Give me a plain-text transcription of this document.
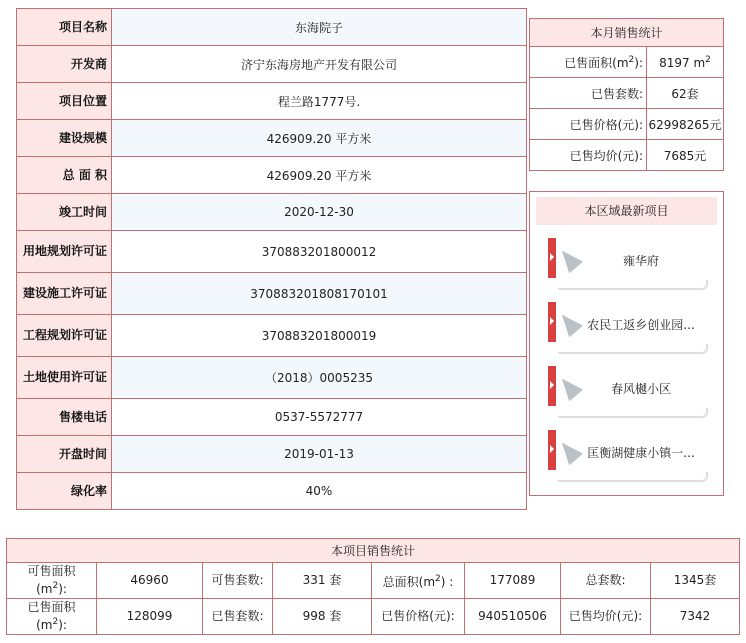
项目名称	东海院子
开发商	济宁东海房地产开发有限公司
项目位置	程兰路1777号.
建设规模	426909.20 平方米
总 面 积	426909.20 平方米
竣工时间	2020-12-30
用地规划许可证	370883201800012
建设施工许可证	370883201808170101
工程规划许可证	370883201800019
土地使用许可证	（2018）0005235
售楼电话	0537-5572777
开盘时间	2019-01-13
绿化率	40%
本月销售统计	
已售面积$(m^2)$:	8197 $m^2$
已售套数:	62套
已售价格(元):	62998265元
已售均价(元):	7685元
本区域最新项目
雍华府
农民工返乡创业园...
春风樾小区
匡衡湖健康小镇一...
本项目销售统计							
可售面积
$(m^2)$:	46960	可售套数:	331 套	总面积$(m^2)$ :	177089	总套数:	1345套
已售面积
$(m^2)$:	128099	已售套数:	998 套	已售价格(元):	940510506	已售均价(元):	7342
